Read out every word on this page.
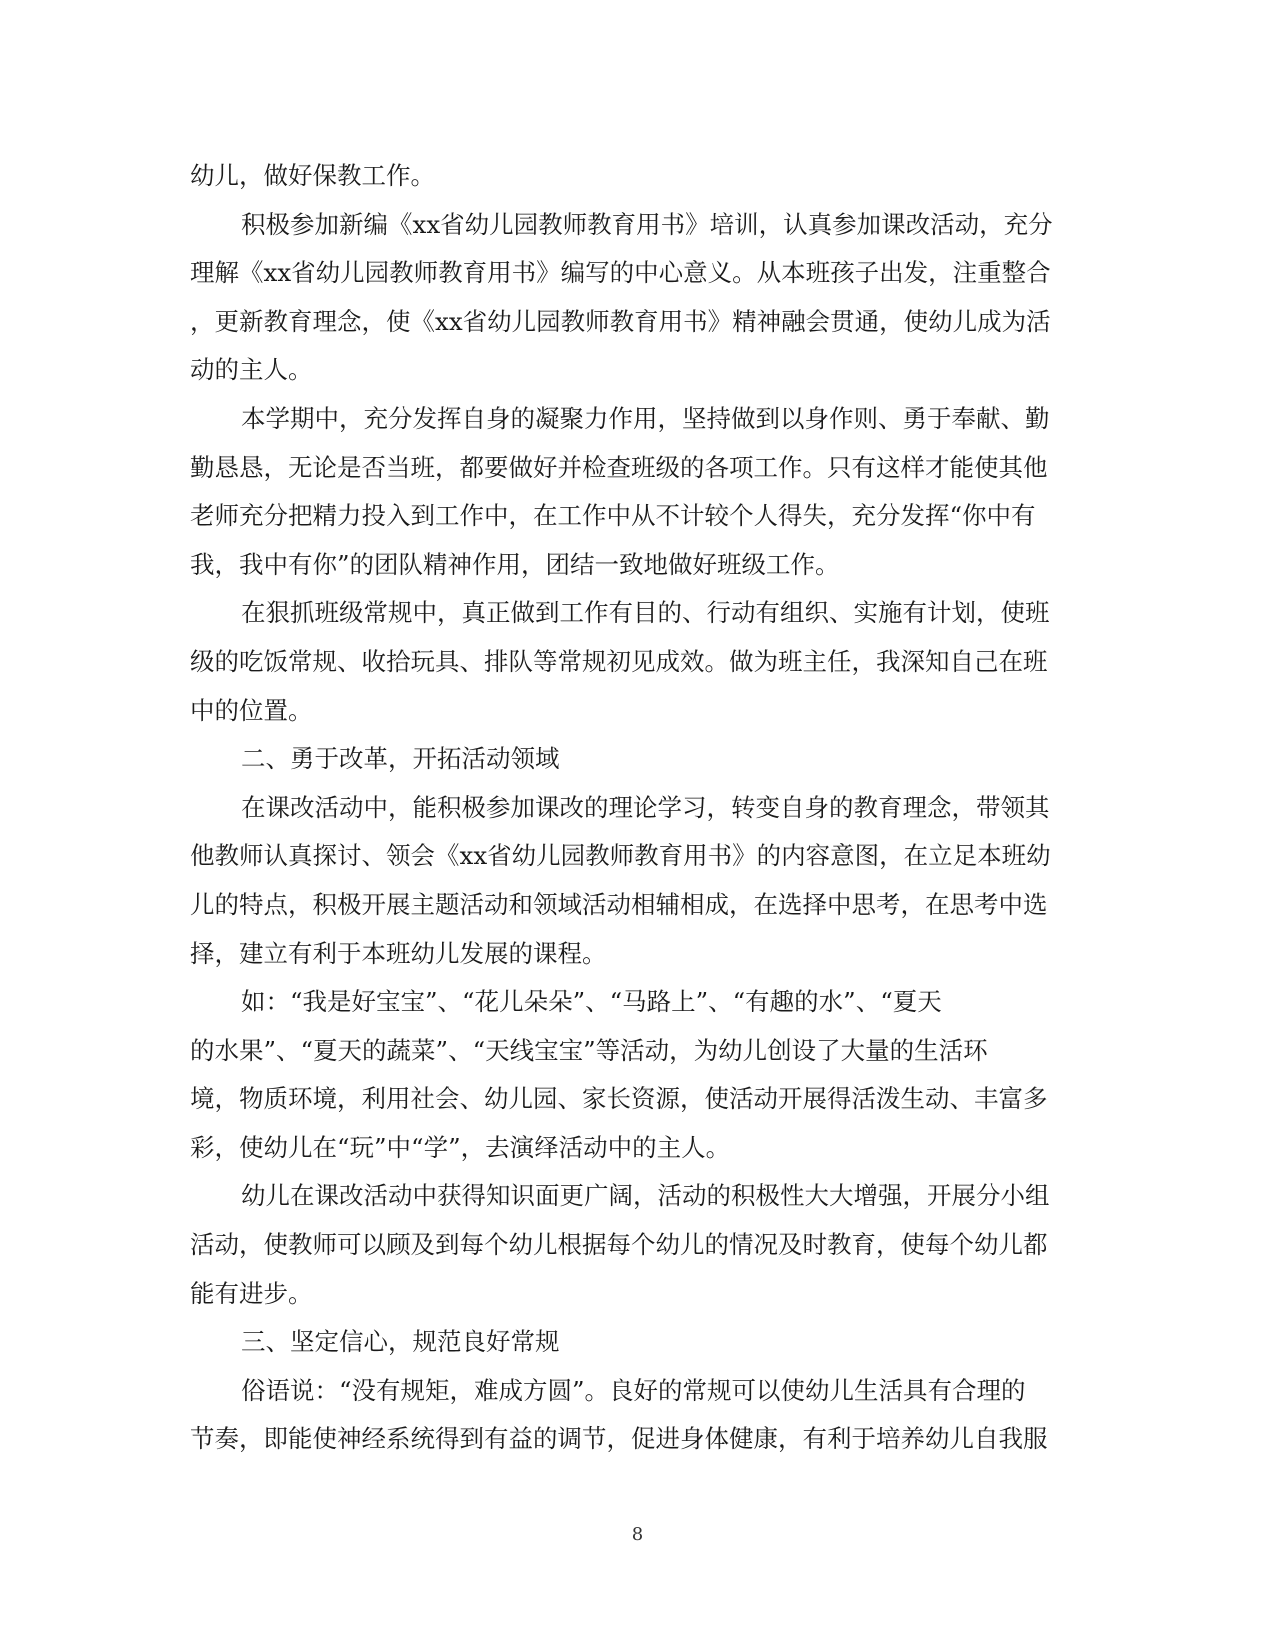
幼儿，做好保教工作。
积极参加新编《xx省幼儿园教师教育用书》培训，认真参加课改活动，充分
理解《xx省幼儿园教师教育用书》编写的中心意义。从本班孩子出发，注重整合
，更新教育理念，使《xx省幼儿园教师教育用书》精神融会贯通，使幼儿成为活
动的主人。
本学期中，充分发挥自身的凝聚力作用，坚持做到以身作则、勇于奉献、勤
勤恳恳，无论是否当班，都要做好并检查班级的各项工作。只有这样才能使其他
老师充分把精力投入到工作中，在工作中从不计较个人得失，充分发挥“你中有
我，我中有你”的团队精神作用，团结一致地做好班级工作。
在狠抓班级常规中，真正做到工作有目的、行动有组织、实施有计划，使班
级的吃饭常规、收拾玩具、排队等常规初见成效。做为班主任，我深知自己在班
中的位置。
二、勇于改革，开拓活动领域
在课改活动中，能积极参加课改的理论学习，转变自身的教育理念，带领其
他教师认真探讨、领会《xx省幼儿园教师教育用书》的内容意图，在立足本班幼
儿的特点，积极开展主题活动和领域活动相辅相成，在选择中思考，在思考中选
择，建立有利于本班幼儿发展的课程。
如：“我是好宝宝”、“花儿朵朵”、“马路上”、“有趣的水”、“夏天
的水果”、“夏天的蔬菜”、“天线宝宝”等活动，为幼儿创设了大量的生活环
境，物质环境，利用社会、幼儿园、家长资源，使活动开展得活泼生动、丰富多
彩，使幼儿在“玩”中“学”，去演绎活动中的主人。
幼儿在课改活动中获得知识面更广阔，活动的积极性大大增强，开展分小组
活动，使教师可以顾及到每个幼儿根据每个幼儿的情况及时教育，使每个幼儿都
能有进步。
三、坚定信心，规范良好常规
俗语说：“没有规矩，难成方圆”。良好的常规可以使幼儿生活具有合理的
节奏，即能使神经系统得到有益的调节，促进身体健康，有利于培养幼儿自我服
8
